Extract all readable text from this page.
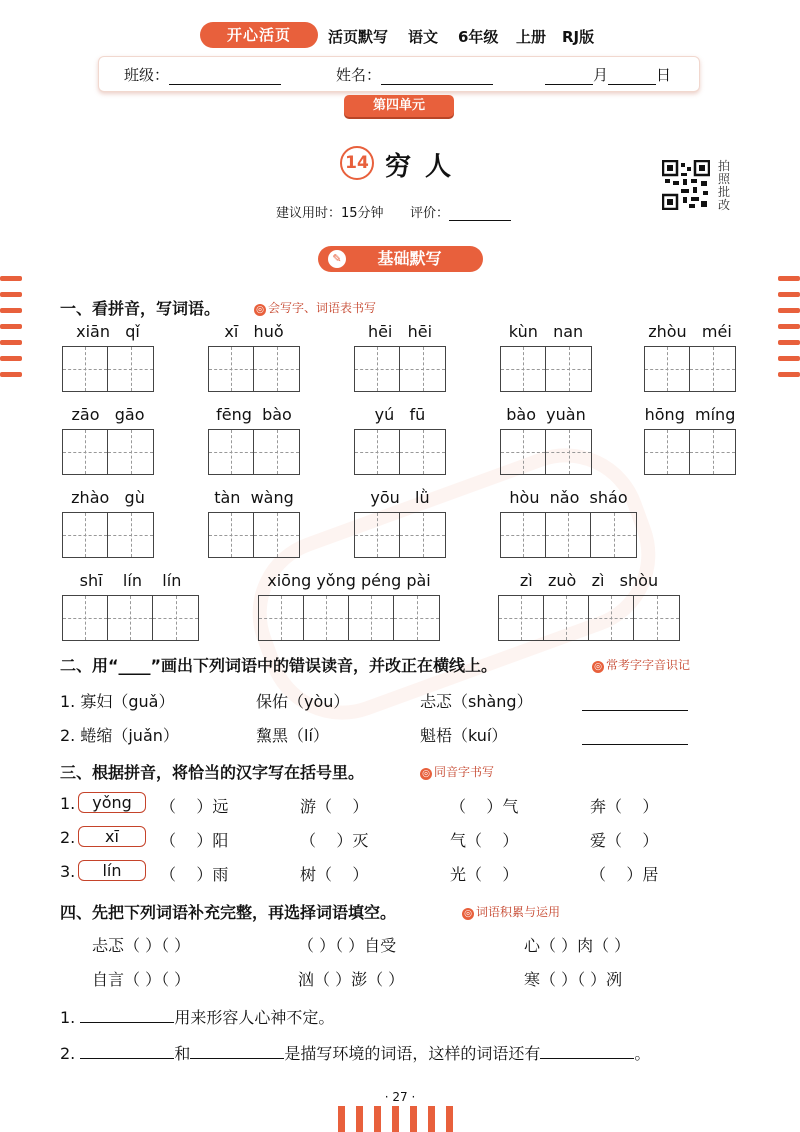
开心活页	活页默写 语文 6年级 上册 RJ版
班级：	姓名：	月	日
第四单元
14 穷人
建议用时：15分钟 评价：
拍照批改
基础默写
✎
一、看拼音，写词语。	◎ 会写字、词语表书写
xiān   qǐ	xī   huǒ	hēi   hēi	kùn   nan	zhòu   méi
zāo   gāo	fēng  bào	yú   fū	bào  yuàn	hōng  míng
zhào   gù	tàn  wàng	yōu   lǜ	hòu  nǎo  sháo
shī    lín    lín	xiōng yǒng péng pài	zì   zuò   zì   shòu
二、用“____”画出下列词语中的错误读音，并改正在横线上。	◎ 常考字字音识记
1. 寡妇（guǎ）	保佑（yòu）	忐忑（shàng）
2. 蜷缩（juǎn）	黧黑（lí）	魁梧（kuí）
三、根据拼音，将恰当的汉字写在括号里。	◎ 同音字书写
1.	yǒng	（    ）远	游（    ）	（    ）气	奔（    ）
2.	xī	（    ）阳	（    ）灭	气（    ）	爱（    ）
3.	lín	（    ）雨	树（    ）	光（    ）	（    ）居
四、先把下列词语补充完整，再选择词语填空。	◎ 词语积累与运用
忐忑（ ）（ ）	（ ）（ ）自受	心（ ）肉（ ）
自言（ ）（ ）	汹（ ）澎（ ）	寒（ ）（ ）冽
1.	用来形容人心神不定。
2.	和	是描写环境的词语，这样的词语还有	。
· 27 ·
